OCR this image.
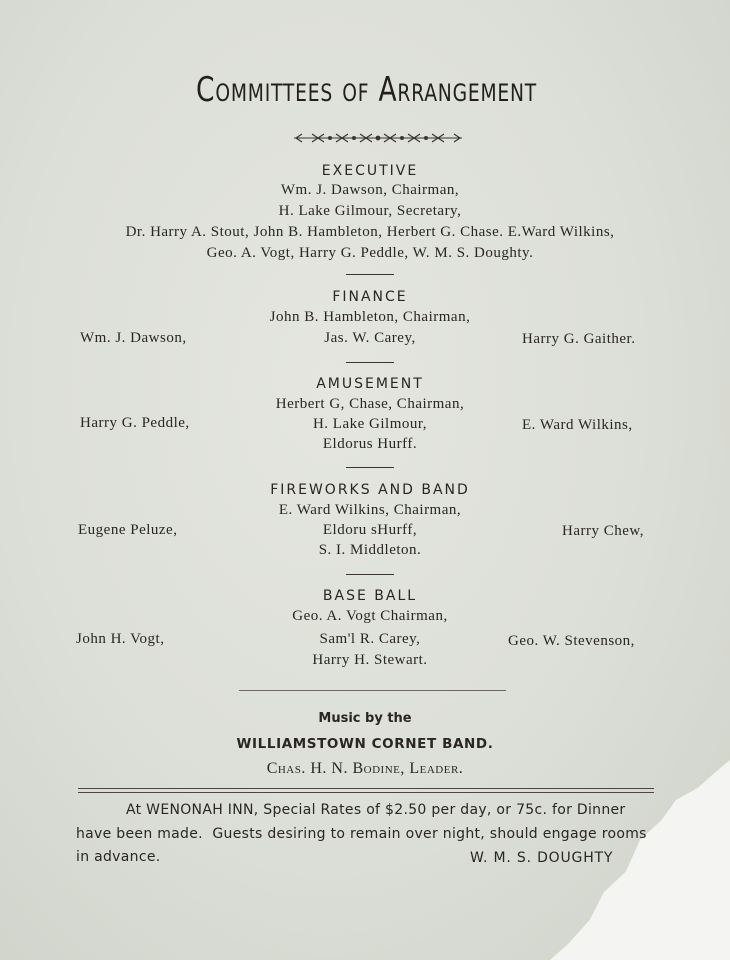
Committees of Arrangement
EXECUTIVE
Wm. J. Dawson, Chairman,
H. Lake Gilmour, Secretary,
Dr. Harry A. Stout, John B. Hambleton, Herbert G. Chase. E.Ward Wilkins,
Geo. A. Vogt, Harry G. Peddle, W. M. S. Doughty.
FINANCE
John B. Hambleton, Chairman,
Jas. W. Carey,
Wm. J. Dawson,	Harry G. Gaither.
AMUSEMENT
Herbert G, Chase, Chairman,
H. Lake Gilmour,
Eldorus Hurff.
Harry G. Peddle,	E. Ward Wilkins,
FIREWORKS AND BAND
E. Ward Wilkins, Chairman,
Eldoru sHurff,
S. I. Middleton.
Eugene Peluze,	Harry Chew,
BASE BALL
Geo. A. Vogt Chairman,
Sam'l R. Carey,
Harry H. Stewart.
John H. Vogt,	Geo. W. Stevenson,
Music by the
WILLIAMSTOWN CORNET BAND.
Chas. H. N. Bodine, Leader.
At WENONAH INN, Special Rates of $2.50 per day, or 75c. for Dinner
have been made.  Guests desiring to remain over night, should engage rooms
in advance.	W. M. S. DOUGHTY
